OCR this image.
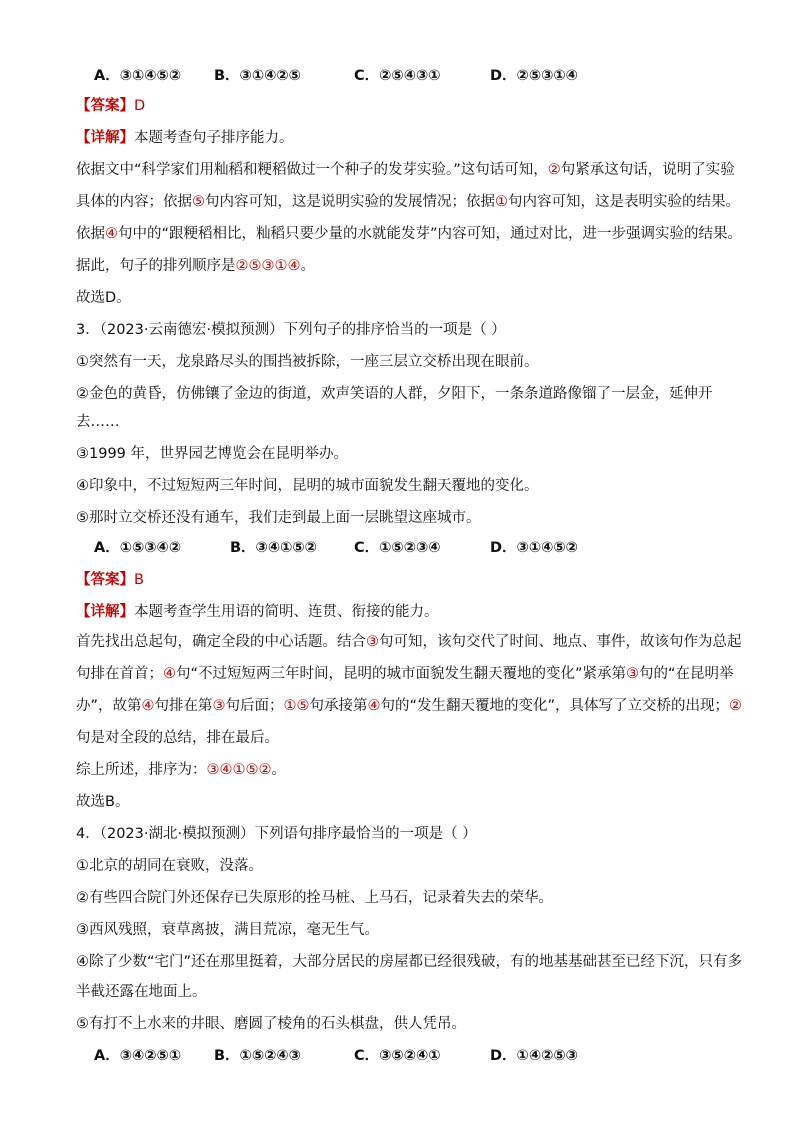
A．③①④⑤② B．③①④②⑤	C．②⑤④③①	D．②⑤③①④
【答案】D
【详解】本题考查句子排序能力。
依据文中“科学家们用籼稻和粳稻做过一个种子的发芽实验。”这句话可知，②句紧承这句话，说明了实验
具体的内容；依据⑤句内容可知，这是说明实验的发展情况；依据①句内容可知，这是表明实验的结果。
依据④句中的“跟粳稻相比，籼稻只要少量的水就能发芽”内容可知，通过对比，进一步强调实验的结果。
据此，句子的排列顺序是②⑤③①④。
故选D。
3．（2023·云南德宏·模拟预测）下列句子的排序恰当的一项是（ ）
①突然有一天，龙泉路尽头的围挡被拆除，一座三层立交桥出现在眼前。
②金色的黄昏，仿佛镶了金边的街道，欢声笑语的人群，夕阳下，一条条道路像镏了一层金，延伸开
去……
③1999 年，世界园艺博览会在昆明举办。
④印象中，不过短短两三年时间，昆明的城市面貌发生翻天覆地的变化。
⑤那时立交桥还没有通车，我们走到最上面一层眺望这座城市。
A．①⑤③④②	B．③④①⑤②	C．①⑤②③④	D．③①④⑤②
【答案】B
【详解】本题考查学生用语的简明、连贯、衔接的能力。
首先找出总起句，确定全段的中心话题。结合③句可知，该句交代了时间、地点、事件，故该句作为总起
句排在首首；④句“不过短短两三年时间，昆明的城市面貌发生翻天覆地的变化”紧承第③句的“在昆明举
办”，故第④句排在第③句后面；①⑤句承接第④句的“发生翻天覆地的变化”，具体写了立交桥的出现；②
句是对全段的总结，排在最后。
综上所述，排序为：③④①⑤②。
故选B。
4．（2023·湖北·模拟预测）下列语句排序最恰当的一项是（ ）
①北京的胡同在衰败，没落。
②有些四合院门外还保存已失原形的拴马桩、上马石，记录着失去的荣华。
③西风残照，衰草离披，满目荒凉，毫无生气。
④除了少数“宅门”还在那里挺着，大部分居民的房屋都已经很残破，有的地基基础甚至已经下沉，只有多
半截还露在地面上。
⑤有打不上水来的井眼、磨圆了棱角的石头棋盘，供人凭吊。
A．③④②⑤① B．①⑤②④③	C．③⑤②④①	D．①④②⑤③
